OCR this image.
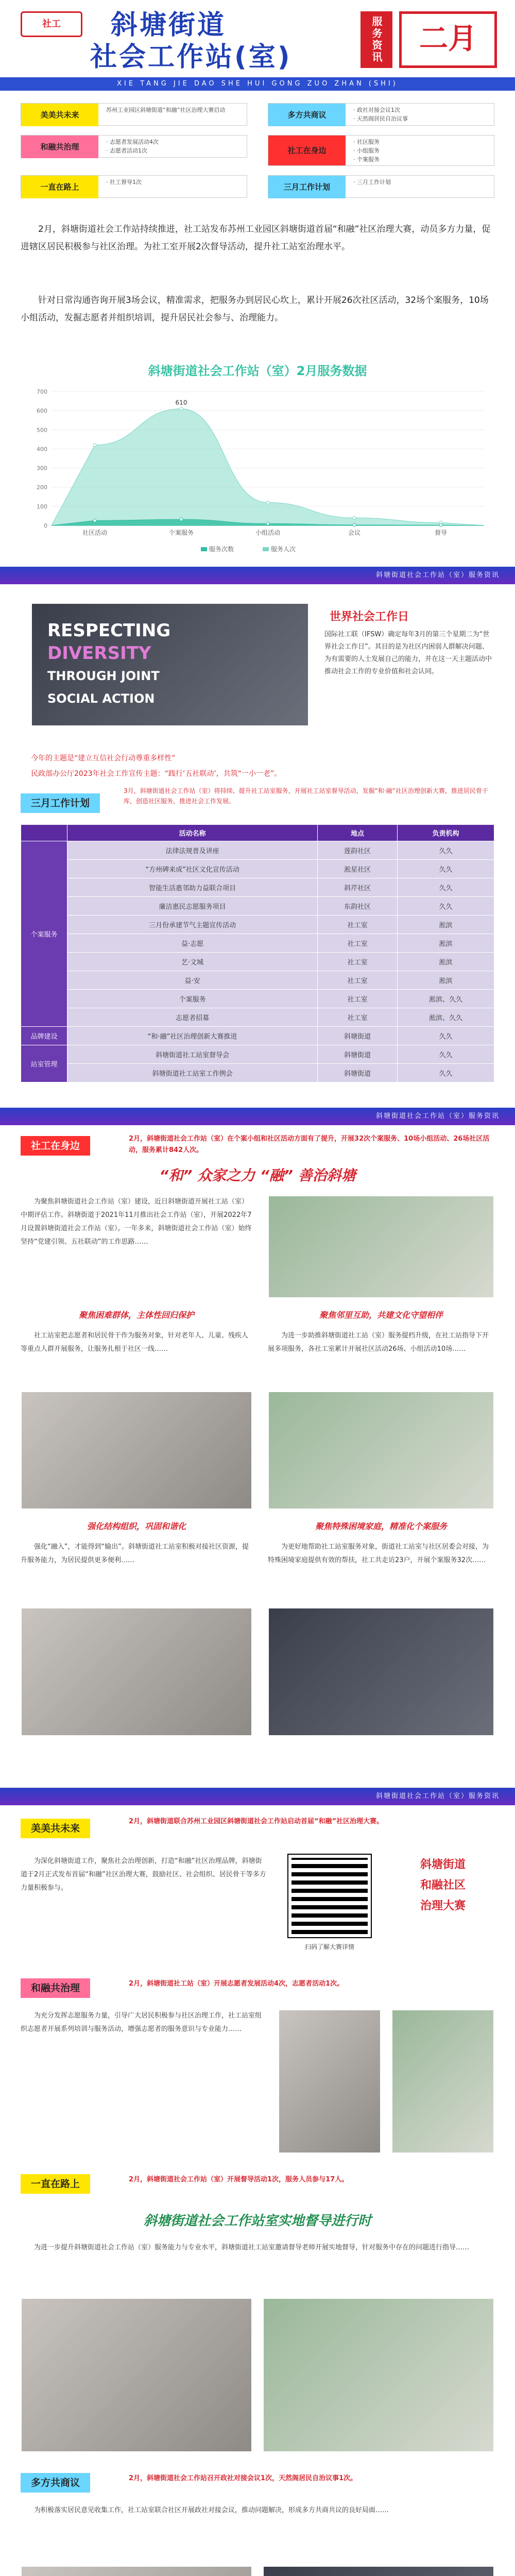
社工	斜塘街道
社会工作站(室)	服务资讯	二月
XIE TANG JIE DAO SHE HUI GONG ZUO ZHAN (SHI)
美美共未来
苏州工业园区斜塘街道“和融”社区治理大赛启动
多方共商议
· 政社对接会议1次
· 天然阁居民自治议事
和融共治理
· 志愿者发展活动4次
· 志愿者活动1次	社工在身边
· 社区服务
· 小组服务
· 个案服务
一直在路上
· 社工督导1次
三月工作计划
· 三月工作计划
2月，斜塘街道社会工作站持续推进，社工站发布苏州工业园区斜塘街道首届“和融”社区治理大赛，动员多方力量，促进辖区居民积极参与社区治理。为社工室开展2次督导活动，提升社工站室治理水平。
针对日常沟通咨询开展3场会议，精准需求，把服务办到居民心坎上，累计开展26次社区活动，32场个案服务，10场小组活动，发掘志愿者并组织培训，提升居民社会参与、治理能力。
斜塘街道社会工作站（室）2月服务数据
0
100
200
300
400
500
600
700
社区活动	个案服务	小组活动	会议	督导
610
服务次数	服务人次
斜塘街道社会工作站（室）服务资讯
RESPECTING
DIVERSITY
THROUGH JOINT
SOCIAL ACTION
世界社会工作日
国际社工联（IFSW）确定每年3月的第三个星期二为“世界社会工作日”。其目的是为社区内困弱人群解决问题、为有需要的人士发展自己的能力，并在这一天主题活动中推动社会工作的专业价值和社会认同。
今年的主题是“建立互信社会行动尊重多样性”
民政部办公厅2023年社会工作宣传主题：“践行‘五社联动’，共筑“一小一老”。
三月工作计划
3月，斜塘街道社会工作站（室）将持续、提升社工站室服务，开展社工站室督导活动，发掘“和·融”社区治理创新大赛，推进居民骨干库，创造社区服务，推进社会工作发展。
	活动名称	地点	负责机构
个案服务	法律法规普及讲座	莲韵社区	久久
	“方州碑来成”社区文化宣传活动	淞星社区	久久
	智能生活惠邻助力益联合项目	斜芹社区	久久
	廉洁惠民志愿服务项目	东韵社区	久久
	三月份承建节气主题宣传活动	社工室	淞滨
	益·志愿	社工室	淞滨
	艺·文城	社工室	淞滨
	益·安	社工室	淞滨
	个案服务	社工室	淞滨、久久
	志愿者招募	社工室	淞滨、久久
品牌建设	“和·融”社区治理创新大赛推进	斜塘街道	久久
站室管理	斜塘街道社工站室督导会	斜塘街道	久久
	斜塘街道社工站室工作例会	斜塘街道	久久
斜塘街道社会工作站（室）服务资讯
社工在身边
2月，斜塘街道社会工作站（室）在个案小组和社区活动方面有了提升，开展32次个案服务、10场小组活动、26场社区活动，服务累计842人次。
“和” 众家之力 “融” 善治斜塘
为聚焦斜塘街道社会工作站（室）建设，近日斜塘街道开展社工站（室）中期评估工作。斜塘街道于2021年11月推出社会工作站（室），开展2022年7月设置斜塘街道社会工作站（室）。一年多来，斜塘街道社会工作站（室）始终坚持“党建引领、五社联动”的工作思路……
聚焦困难群体，主体性回归保护
社工站室把志愿者和居民骨干作为服务对象，针对老年人、儿童、残疾人等重点人群开展服务，让服务扎根于社区一线……
聚焦邻里互助，共建文化守望相伴
为进一步助推斜塘街道社工站（室）服务提档升级，在社工站指导下开展多项服务，各社工室累计开展社区活动26场、小组活动10场……
强化结构组织，巩固和谐化
强化“融入”，才能得到“输出”。斜塘街道社工站室积极对接社区资源，提升服务能力，为居民提供更多便利……
聚焦特殊困境家庭，精准化个案服务
为更好地帮助社工站室服务对象，街道社工站室与社区居委会对接，为特殊困境家庭提供有效的帮扶，社工共走访23户，开展个案服务32次……
斜塘街道社会工作站（室）服务资讯
美美共未来
2月，斜塘街道联合苏州工业园区斜塘街道社会工作站启动首届“和融”社区治理大赛。
为深化斜塘街道工作，聚焦社会治理创新，打造“和融”社区治理品牌，斜塘街道于2月正式发布首届“和融”社区治理大赛，鼓励社区、社会组织、居民骨干等多方力量积极参与。
扫码了解大赛详情
斜塘街道
和融社区
治理大赛
和融共治理	2月，斜塘街道社工站（室）开展志愿者发展活动4次，志愿者活动1次。
为充分发挥志愿服务力量，引导广大居民积极参与社区治理工作，社工站室组织志愿者开展系列培训与服务活动，增强志愿者的服务意识与专业能力……
一直在路上	2月，斜塘街道社会工作站（室）开展督导活动1次，服务人员参与17人。
斜塘街道社会工作站室实地督导进行时
为进一步提升斜塘街道社会工作站（室）服务能力与专业水平，斜塘街道社工站室邀请督导老师开展实地督导，针对服务中存在的问题进行指导……
多方共商议	2月，斜塘街道社会工作站召开政社对接会议1次，天然阁居民自治议事1次。
为积极落实居民意见收集工作，社工站室联合社区开展政社对接会议，推动问题解决，形成多方共商共议的良好局面……
